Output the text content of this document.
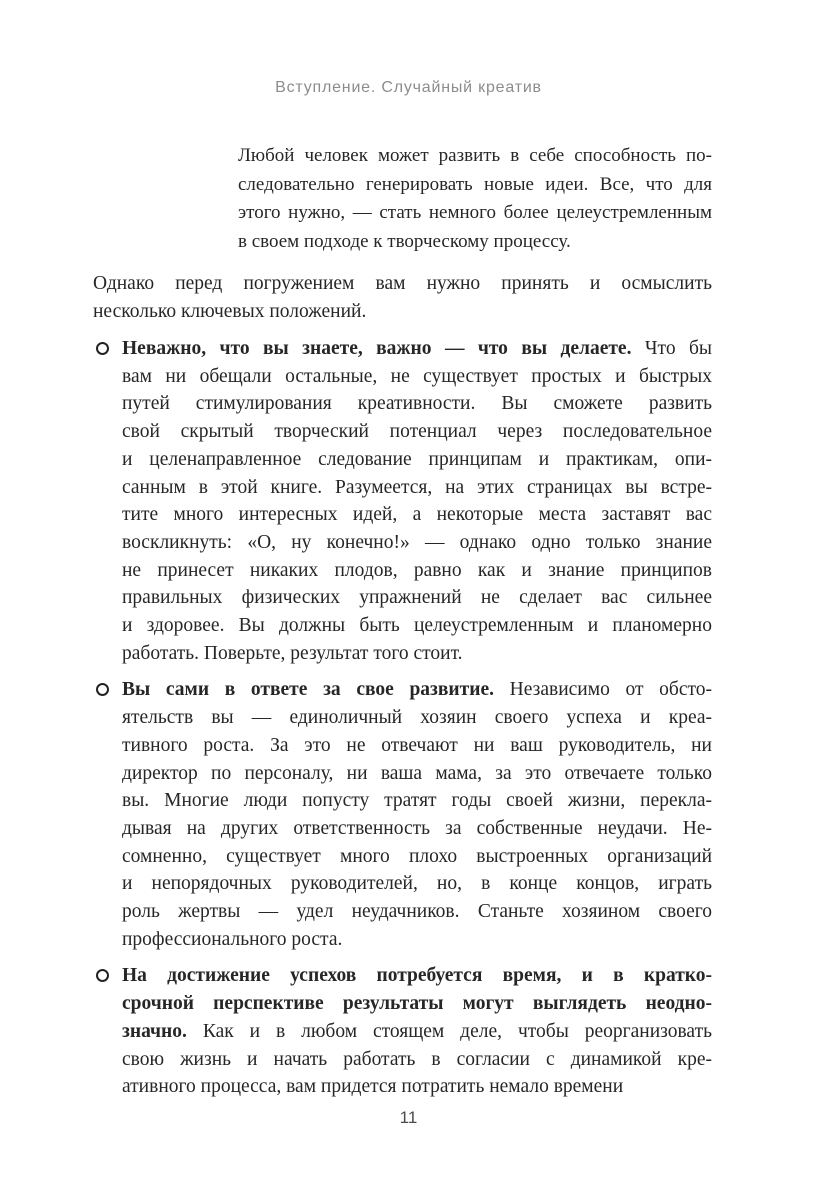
Вступление. Случайный креатив
Любой человек может развить в себе способность по-
следовательно генерировать новые идеи. Все, что для
этого нужно, — стать немного более целеустремленным
в своем подходе к творческому процессу.
Однако перед погружением вам нужно принять и осмыслить
несколько ключевых положений.
Неважно, что вы знаете, важно — что вы делаете. Что бы
вам ни обещали остальные, не существует простых и быстрых
путей стимулирования креативности. Вы сможете развить
свой скрытый творческий потенциал через последовательное
и целенаправленное следование принципам и практикам, опи-
санным в этой книге. Разумеется, на этих страницах вы встре-
тите много интересных идей, а некоторые места заставят вас
воскликнуть: «О, ну конечно!» — однако одно только знание
не принесет никаких плодов, равно как и знание принципов
правильных физических упражнений не сделает вас сильнее
и здоровее. Вы должны быть целеустремленным и планомерно
работать. Поверьте, результат того стоит.
Вы сами в ответе за свое развитие. Независимо от обсто-
ятельств вы — единоличный хозяин своего успеха и креа-
тивного роста. За это не отвечают ни ваш руководитель, ни
директор по персоналу, ни ваша мама, за это отвечаете только
вы. Многие люди попусту тратят годы своей жизни, перекла-
дывая на других ответственность за собственные неудачи. Не-
сомненно, существует много плохо выстроенных организаций
и непорядочных руководителей, но, в конце концов, играть
роль жертвы — удел неудачников. Станьте хозяином своего
профессионального роста.
На достижение успехов потребуется время, и в кратко-
срочной перспективе результаты могут выглядеть неодно-
значно. Как и в любом стоящем деле, чтобы реорганизовать
свою жизнь и начать работать в согласии с динамикой кре-
ативного процесса, вам придется потратить немало времени
11
